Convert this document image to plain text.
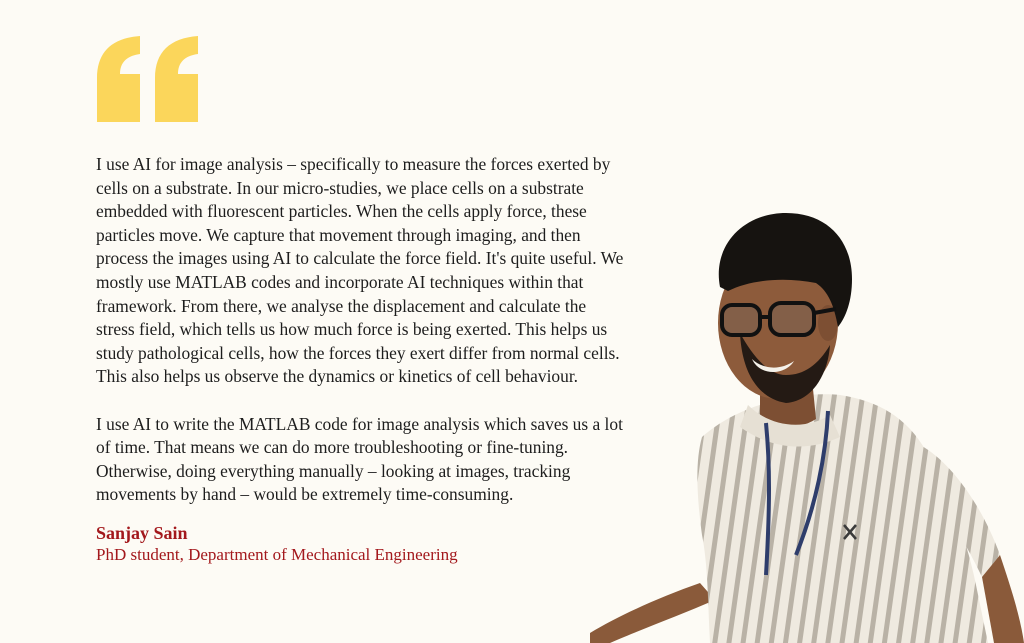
I use AI for image analysis – specifically to measure the forces exerted by
cells on a substrate. In our micro-studies, we place cells on a substrate
embedded with fluorescent particles. When the cells apply force, these
particles move. We capture that movement through imaging, and then
process the images using AI to calculate the force field. It's quite useful. We
mostly use MATLAB codes and incorporate AI techniques within that
framework. From there, we analyse the displacement and calculate the
stress field, which tells us how much force is being exerted. This helps us
study pathological cells, how the forces they exert differ from normal cells.
This also helps us observe the dynamics or kinetics of cell behaviour.

I use AI to write the MATLAB code for image analysis which saves us a lot
of time. That means we can do more troubleshooting or fine-tuning.
Otherwise, doing everything manually – looking at images, tracking
movements by hand – would be extremely time-consuming.

Sanjay Sain
PhD student, Department of Mechanical Engineering
